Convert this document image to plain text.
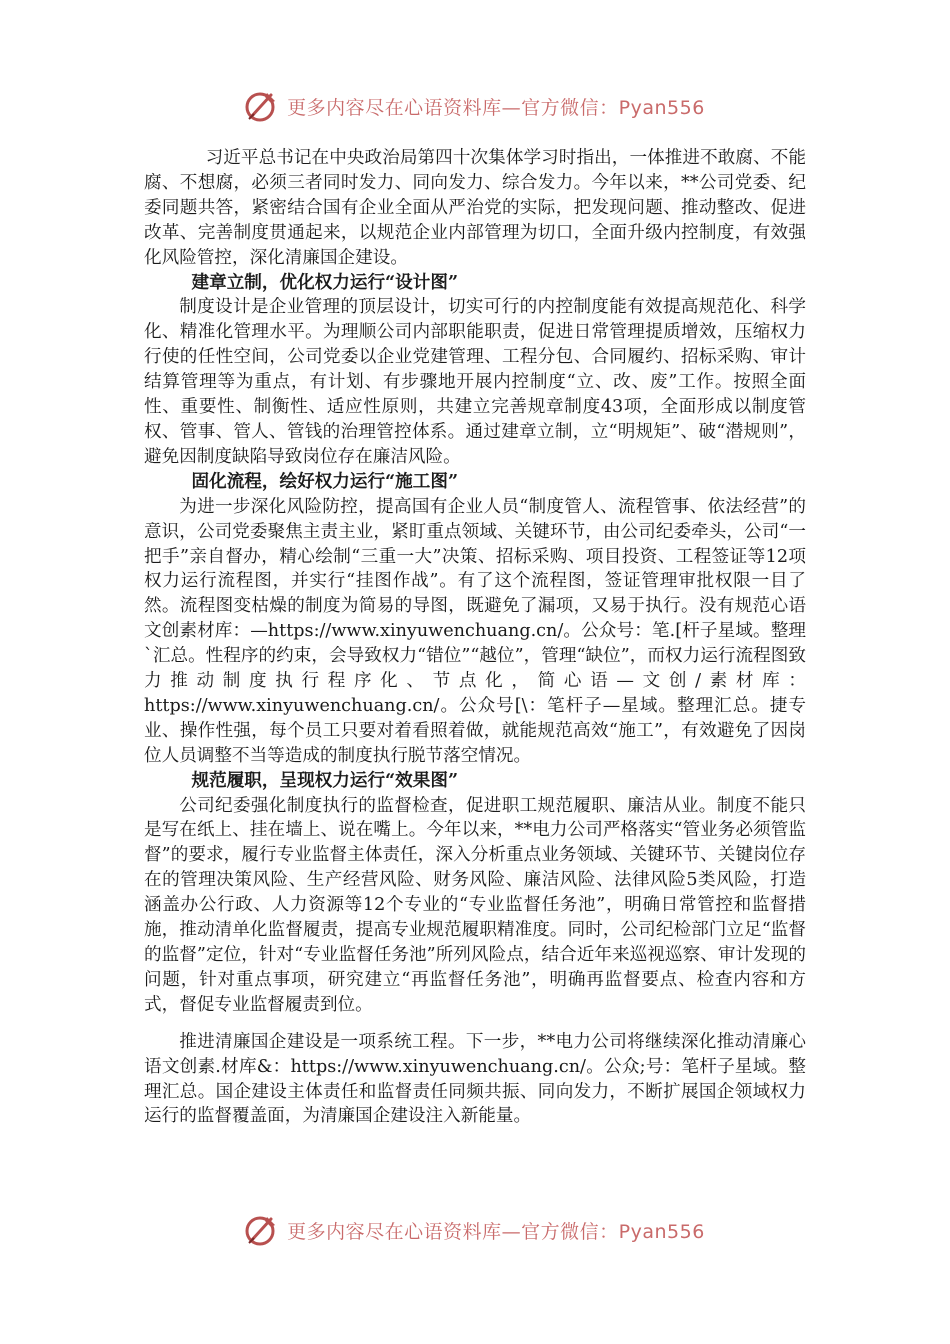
更多内容尽在心语资料库—官方微信：Pyan556

习近平总书记在中央政治局第四十次集体学习时指出，一体推进不敢腐、不能腐、不想腐，必须三者同时发力、同向发力、综合发力。今年以来，**公司党委、纪委同题共答，紧密结合国有企业全面从严治党的实际，把发现问题、推动整改、促进改革、完善制度贯通起来，以规范企业内部管理为切口，全面升级内控制度，有效强化风险管控，深化清廉国企建设。

建章立制，优化权力运行“设计图”

制度设计是企业管理的顶层设计，切实可行的内控制度能有效提高规范化、科学化、精准化管理水平。为理顺公司内部职能职责，促进日常管理提质增效，压缩权力行使的任性空间，公司党委以企业党建管理、工程分包、合同履约、招标采购、审计结算管理等为重点，有计划、有步骤地开展内控制度“立、改、废”工作。按照全面性、重要性、制衡性、适应性原则，共建立完善规章制度43项，全面形成以制度管权、管事、管人、管钱的治理管控体系。通过建章立制，立“明规矩”、破“潜规则”，避免因制度缺陷导致岗位存在廉洁风险。

固化流程，绘好权力运行“施工图”

为进一步深化风险防控，提高国有企业人员“制度管人、流程管事、依法经营”的意识，公司党委聚焦主责主业，紧盯重点领域、关键环节，由公司纪委牵头，公司“一把手”亲自督办，精心绘制“三重一大”决策、招标采购、项目投资、工程签证等12项权力运行流程图，并实行“挂图作战”。有了这个流程图，签证管理审批权限一目了然。流程图变枯燥的制度为简易的导图，既避免了漏项，又易于执行。没有规范心语文创素材库：—https://www.xinyuwenchuang.cn/。公众号：笔.[杆子星域。整理`汇总。性程序的约束，会导致权力“错位”“越位”，管理“缺位”，而权力运行流程图致力推动制度执行程序化、节点化，简心语—文创/素材库：https://www.xinyuwenchuang.cn/。公众号[\：笔杆子—星域。整理汇总。捷专业、操作性强，每个员工只要对着看照着做，就能规范高效“施工”，有效避免了因岗位人员调整不当等造成的制度执行脱节落空情况。

规范履职，呈现权力运行“效果图”

公司纪委强化制度执行的监督检查，促进职工规范履职、廉洁从业。制度不能只是写在纸上、挂在墙上、说在嘴上。今年以来，**电力公司严格落实“管业务必须管监督”的要求，履行专业监督主体责任，深入分析重点业务领域、关键环节、关键岗位存在的管理决策风险、生产经营风险、财务风险、廉洁风险、法律风险5类风险，打造涵盖办公行政、人力资源等12个专业的“专业监督任务池”，明确日常管控和监督措施，推动清单化监督履责，提高专业规范履职精准度。同时，公司纪检部门立足“监督的监督”定位，针对“专业监督任务池”所列风险点，结合近年来巡视巡察、审计发现的问题，针对重点事项，研究建立“再监督任务池”，明确再监督要点、检查内容和方式，督促专业监督履责到位。

推进清廉国企建设是一项系统工程。下一步，**电力公司将继续深化推动清廉心语文创素.材库&：https://www.xinyuwenchuang.cn/。公众;号：笔杆子星域。整理汇总。国企建设主体责任和监督责任同频共振、同向发力，不断扩展国企领域权力运行的监督覆盖面，为清廉国企建设注入新能量。

更多内容尽在心语资料库—官方微信：Pyan556
